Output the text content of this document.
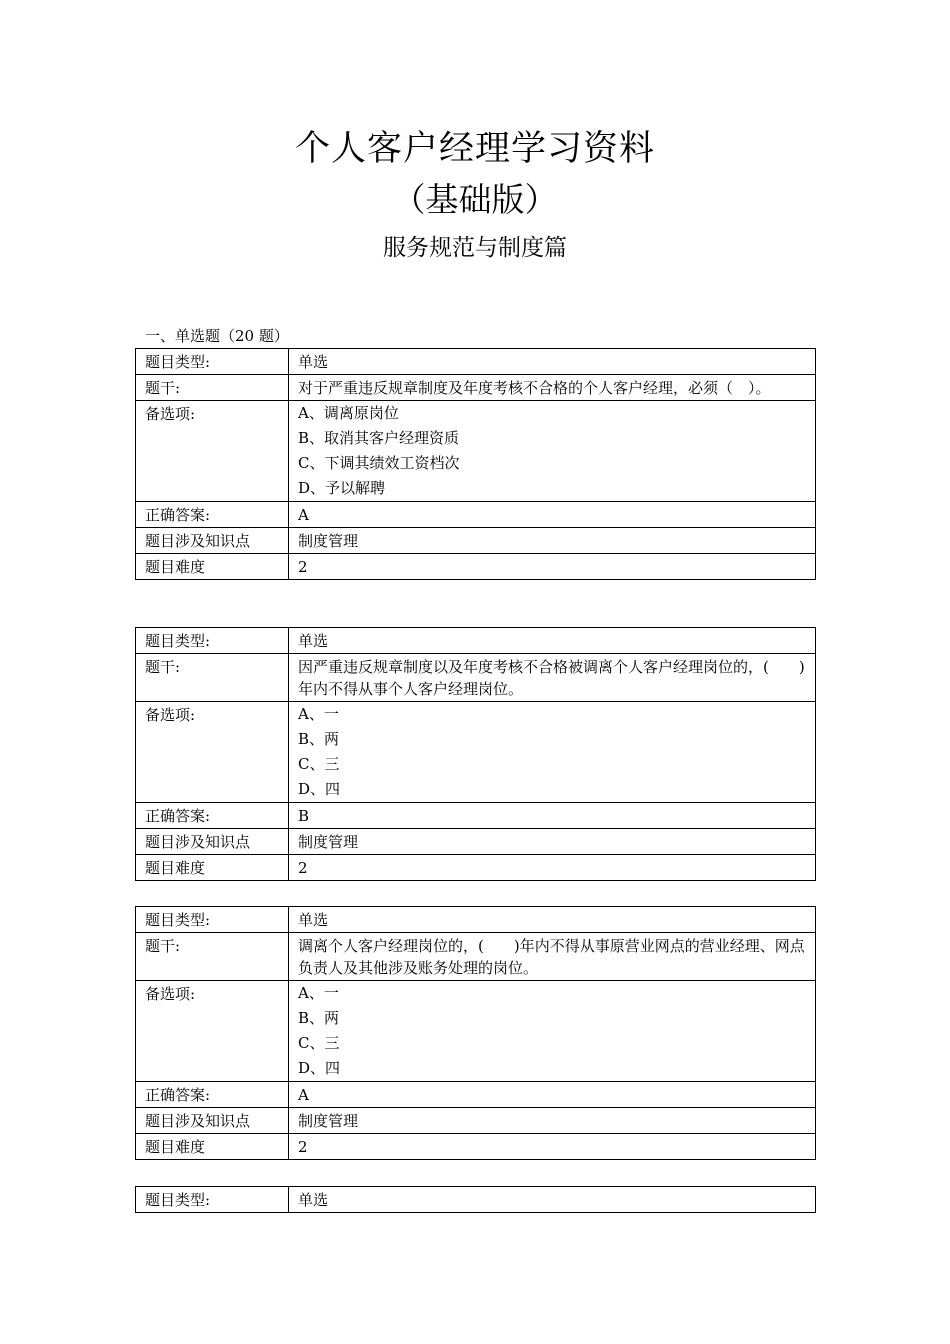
个人客户经理学习资料
（基础版）
服务规范与制度篇
一、单选题（20 题）
题目类型:	单选
题干:	对于严重违反规章制度及年度考核不合格的个人客户经理，必须（　）。
备选项:	A、调离原岗位
B、取消其客户经理资质
C、下调其绩效工资档次
D、予以解聘

正确答案:	A
题目涉及知识点	制度管理
题目难度	2
题目类型:	单选
题干:	因严重违反规章制度以及年度考核不合格被调离个人客户经理岗位的，(　　)年内不得从事个人客户经理岗位。
备选项:	A、一
B、两
C、三
D、四

正确答案:	B
题目涉及知识点	制度管理
题目难度	2
题目类型:	单选
题干:	调离个人客户经理岗位的，(　　)年内不得从事原营业网点的营业经理、网点负责人及其他涉及账务处理的岗位。
备选项:	A、一
B、两
C、三
D、四

正确答案:	A
题目涉及知识点	制度管理
题目难度	2
题目类型:	单选
